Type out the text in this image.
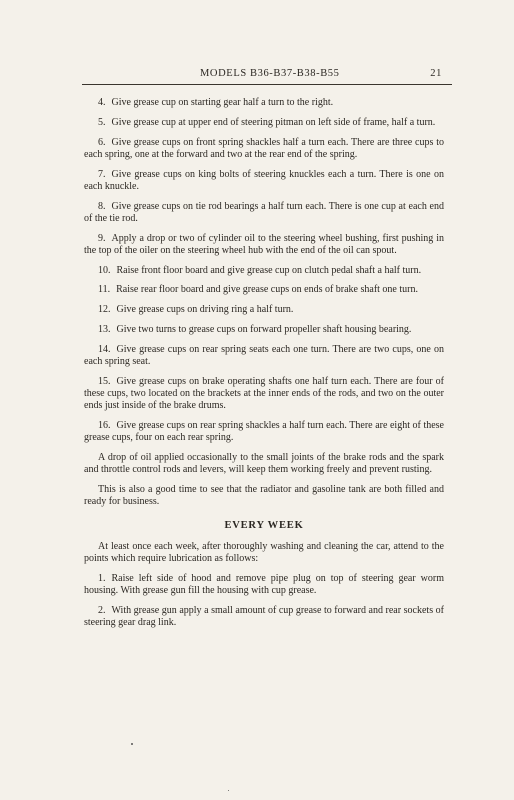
MODELS B36-B37-B38-B55	21

4. Give grease cup on starting gear half a turn to the right.

5. Give grease cup at upper end of steering pitman on left side of frame, half a turn.

6. Give grease cups on front spring shackles half a turn each. There are three cups to each spring, one at the forward and two at the rear end of the spring.

7. Give grease cups on king bolts of steering knuckles each a turn. There is one on each knuckle.

8. Give grease cups on tie rod bearings a half turn each. There is one cup at each end of the tie rod.

9. Apply a drop or two of cylinder oil to the steering wheel bushing, first pushing in the top of the oiler on the steering wheel hub with the end of the oil can spout.

10. Raise front floor board and give grease cup on clutch pedal shaft a half turn.

11. Raise rear floor board and give grease cups on ends of brake shaft one turn.

12. Give grease cups on driving ring a half turn.

13. Give two turns to grease cups on forward propeller shaft housing bearing.

14. Give grease cups on rear spring seats each one turn. There are two cups, one on each spring seat.

15. Give grease cups on brake operating shafts one half turn each. There are four of these cups, two located on the brackets at the inner ends of the rods, and two on the outer ends just inside of the brake drums.

16. Give grease cups on rear spring shackles a half turn each. There are eight of these grease cups, four on each rear spring.

A drop of oil applied occasionally to the small joints of the brake rods and the spark and throttle control rods and levers, will keep them working freely and prevent rusting.

This is also a good time to see that the radiator and gasoline tank are both filled and ready for business.

EVERY WEEK

At least once each week, after thoroughly washing and cleaning the car, attend to the points which require lubrication as follows:

1. Raise left side of hood and remove pipe plug on top of steering gear worm housing. With grease gun fill the housing with cup grease.

2. With grease gun apply a small amount of cup grease to forward and rear sockets of steering gear drag link.
